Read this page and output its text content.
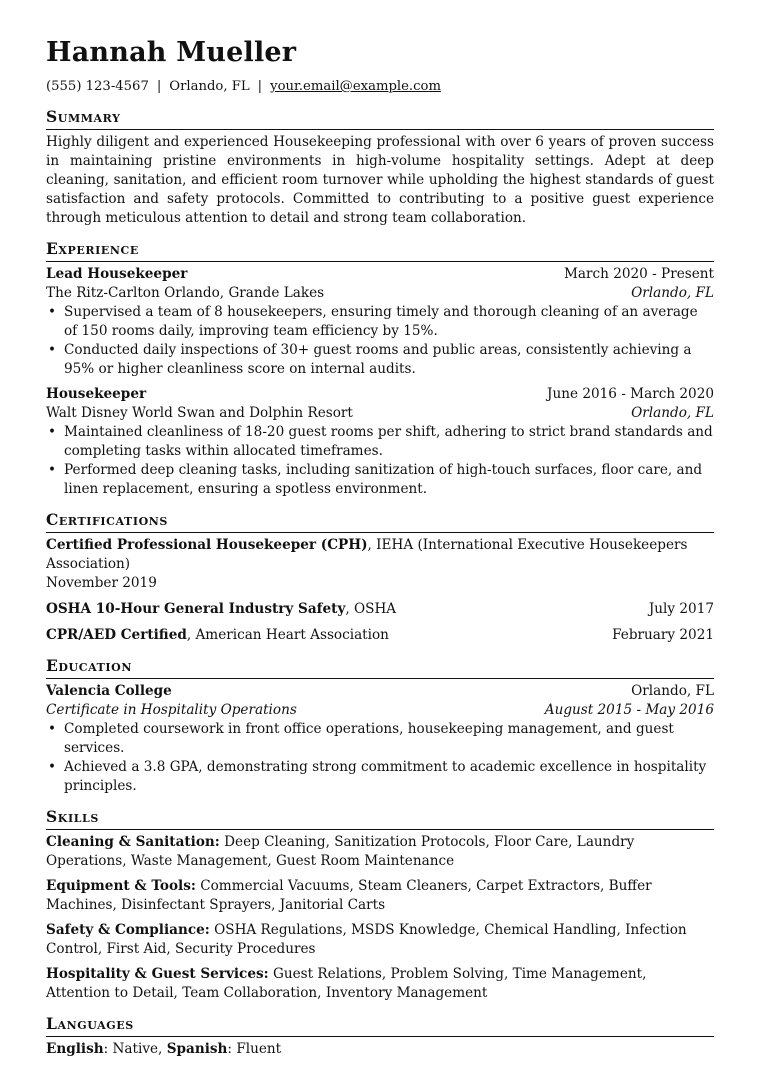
Hannah Mueller
(555) 123-4567 | Orlando, FL | your.email@example.com
Summary

Highly diligent and experienced Housekeeping professional with over 6 years of proven success in maintaining pristine environments in high-volume hospitality settings. Adept at deep cleaning, sanitation, and efficient room turnover while upholding the highest standards of guest satisfaction and safety protocols. Committed to contributing to a positive guest experience through meticulous attention to detail and strong team collaboration.

Experience
Lead Housekeeper	March 2020 - Present
The Ritz-Carlton Orlando, Grande Lakes	Orlando, FL
• Supervised a team of 8 housekeepers, ensuring timely and thorough cleaning of an average of 150 rooms daily, improving team efficiency by 15%.
• Conducted daily inspections of 30+ guest rooms and public areas, consistently achieving a 95% or higher cleanliness score on internal audits.
Housekeeper	June 2016 - March 2020
Walt Disney World Swan and Dolphin Resort	Orlando, FL
• Maintained cleanliness of 18-20 guest rooms per shift, adhering to strict brand standards and completing tasks within allocated timeframes.
• Performed deep cleaning tasks, including sanitization of high-touch surfaces, floor care, and linen replacement, ensuring a spotless environment.
Certifications
Certified Professional Housekeeper (CPH), IEHA (International Executive Housekeepers Association)
November 2019
OSHA 10-Hour General Industry Safety, OSHA	July 2017
CPR/AED Certified, American Heart Association	February 2021
Education
Valencia College	Orlando, FL
Certificate in Hospitality Operations	August 2015 - May 2016
• Completed coursework in front office operations, housekeeping management, and guest services.
• Achieved a 3.8 GPA, demonstrating strong commitment to academic excellence in hospitality principles.
Skills
Cleaning & Sanitation: Deep Cleaning, Sanitization Protocols, Floor Care, Laundry Operations, Waste Management, Guest Room Maintenance
Equipment & Tools: Commercial Vacuums, Steam Cleaners, Carpet Extractors, Buffer Machines, Disinfectant Sprayers, Janitorial Carts
Safety & Compliance: OSHA Regulations, MSDS Knowledge, Chemical Handling, Infection Control, First Aid, Security Procedures
Hospitality & Guest Services: Guest Relations, Problem Solving, Time Management, Attention to Detail, Team Collaboration, Inventory Management
Languages
English: Native, Spanish: Fluent
